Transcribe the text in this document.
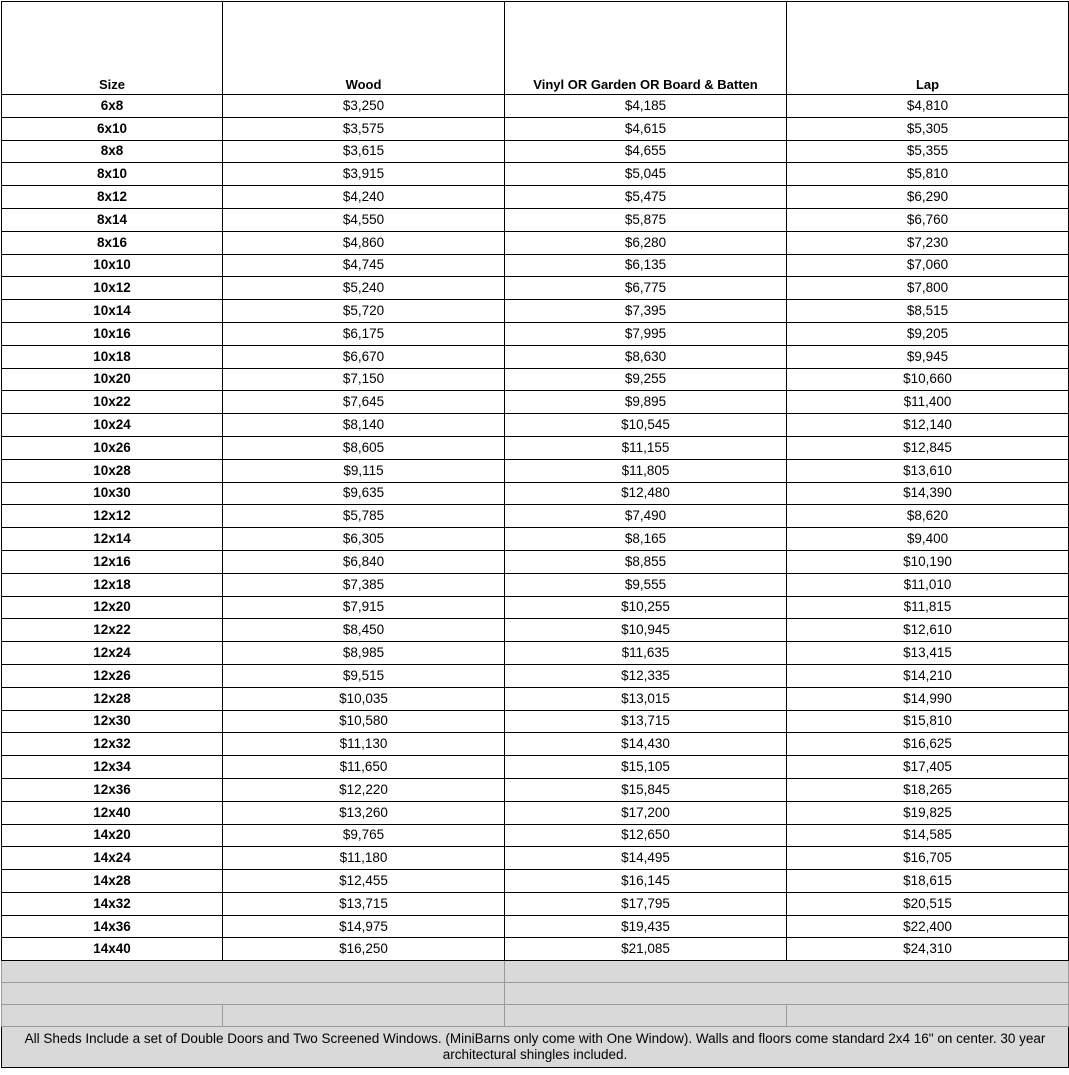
Size	Wood	Vinyl OR Garden OR Board & Batten	Lap
6x8	$3,250	$4,185	$4,810
6x10	$3,575	$4,615	$5,305
8x8	$3,615	$4,655	$5,355
8x10	$3,915	$5,045	$5,810
8x12	$4,240	$5,475	$6,290
8x14	$4,550	$5,875	$6,760
8x16	$4,860	$6,280	$7,230
10x10	$4,745	$6,135	$7,060
10x12	$5,240	$6,775	$7,800
10x14	$5,720	$7,395	$8,515
10x16	$6,175	$7,995	$9,205
10x18	$6,670	$8,630	$9,945
10x20	$7,150	$9,255	$10,660
10x22	$7,645	$9,895	$11,400
10x24	$8,140	$10,545	$12,140
10x26	$8,605	$11,155	$12,845
10x28	$9,115	$11,805	$13,610
10x30	$9,635	$12,480	$14,390
12x12	$5,785	$7,490	$8,620
12x14	$6,305	$8,165	$9,400
12x16	$6,840	$8,855	$10,190
12x18	$7,385	$9,555	$11,010
12x20	$7,915	$10,255	$11,815
12x22	$8,450	$10,945	$12,610
12x24	$8,985	$11,635	$13,415
12x26	$9,515	$12,335	$14,210
12x28	$10,035	$13,015	$14,990
12x30	$10,580	$13,715	$15,810
12x32	$11,130	$14,430	$16,625
12x34	$11,650	$15,105	$17,405
12x36	$12,220	$15,845	$18,265
12x40	$13,260	$17,200	$19,825
14x20	$9,765	$12,650	$14,585
14x24	$11,180	$14,495	$16,705
14x28	$12,455	$16,145	$18,615
14x32	$13,715	$17,795	$20,515
14x36	$14,975	$19,435	$22,400
14x40	$16,250	$21,085	$24,310

All Sheds Include a set of Double Doors and Two Screened Windows. (MiniBarns only come with One Window). Walls and floors come standard 2x4 16" on center. 30 year architectural shingles included.			
